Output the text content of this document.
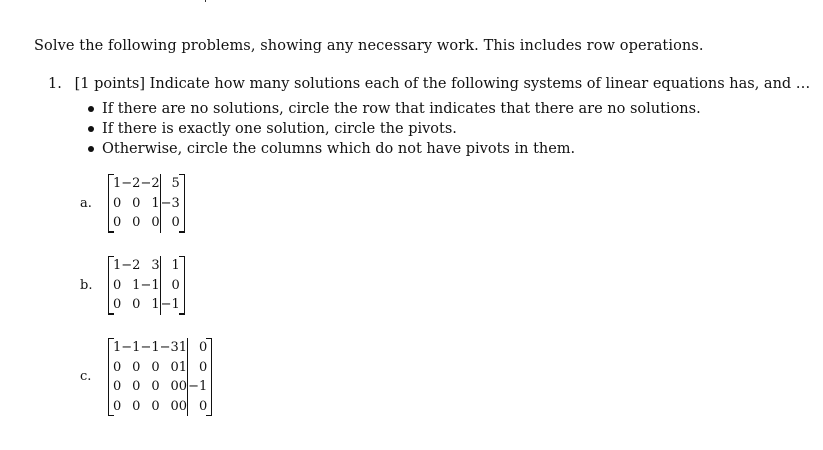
Solve the following problems, showing any necessary work. This includes row operations.
1. [1 points] Indicate how many solutions each of the following systems of linear equations has, and …
If there are no solutions, circle the row that indicates that there are no solutions.
If there is exactly one solution, circle the pivots.
Otherwise, circle the columns which do not have pivots in them.
a.
1	−2	−2	5
0	0	1	−3
0	0	0	0
b.
1	−2	3	1
0	1	−1	0
0	0	1	−1
c.
1	−1	−1	−3	1	0
0	0	0	0	1	0
0	0	0	0	0	−1
0	0	0	0	0	0
